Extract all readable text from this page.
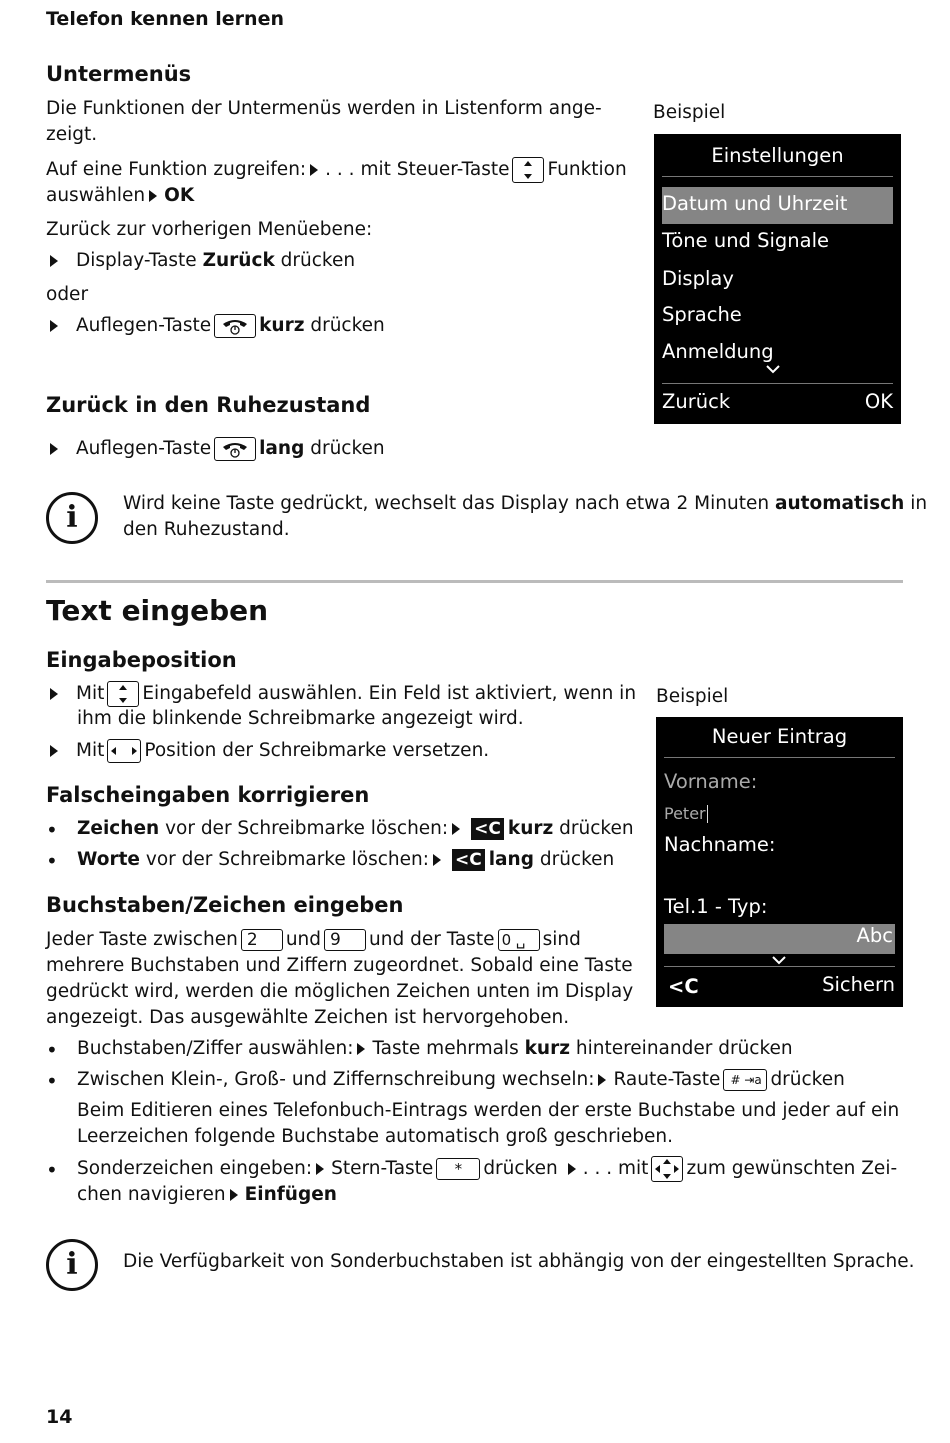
Telefon kennen lernen
Untermenüs
Die Funktionen der Untermenüs werden in Listenform ange-
zeigt.
Auf eine Funktion zugreifen: . . . mit Steuer-Taste Funktion
auswählen OK
Zurück zur vorherigen Menüebene:
Display-Taste
Zurück
drücken
oder
Auflegen-Taste	kurz
drücken
Zurück in den Ruhezustand
Auflegen-Taste	lang
drücken
Beispiel
Einstellungen
Datum und Uhrzeit
Töne und Signale
Display
Sprache
Anmeldung
Zurück	OK
i	Wird keine Taste gedrückt, wechselt das Display nach etwa 2 Minuten
automatisch
in
den Ruhezustand.
Text eingeben
Eingabeposition
Mit Eingabefeld auswählen. Ein Feld ist aktiviert, wenn in
ihm die blinkende Schreibmarke angezeigt wird.
Mit Position der Schreibmarke versetzen.
Falscheingaben korrigieren
• Zeichen
vor der Schreibmarke löschen: <C kurz
drücken
• Worte
vor der Schreibmarke löschen: <C lang
drücken
Buchstaben/Zeichen eingeben
Jeder Taste zwischen 2	und 9	und der Taste 0 ␣ sind
mehrere Buchstaben und Ziffern zugeordnet. Sobald eine Taste
gedrückt wird, werden die möglichen Zeichen unten im Display
angezeigt. Das ausgewählte Zeichen ist hervorgehoben.
• Buchstaben/Ziffer auswählen: Taste mehrmals
kurz
hintereinander drücken
• Zwischen Klein-, Groß- und Ziffernschreibung wechseln: Raute-Taste # ⇥a drücken
Beim Editieren eines Telefonbuch-Eintrags werden der erste Buchstabe und jeder auf ein
Leerzeichen folgende Buchstabe automatisch groß geschrieben.
• Sonderzeichen eingeben: Stern-Taste	*	drücken . . . mit zum gewünschten Zei-
chen navigieren Einfügen
Beispiel
Neuer Eintrag
Vorname:
Peter
Nachname:
Tel.1 - Typ:
Abc
<C	Sichern
i	Die Verfügbarkeit von Sonderbuchstaben ist abhängig von der eingestellten Sprache.
14
